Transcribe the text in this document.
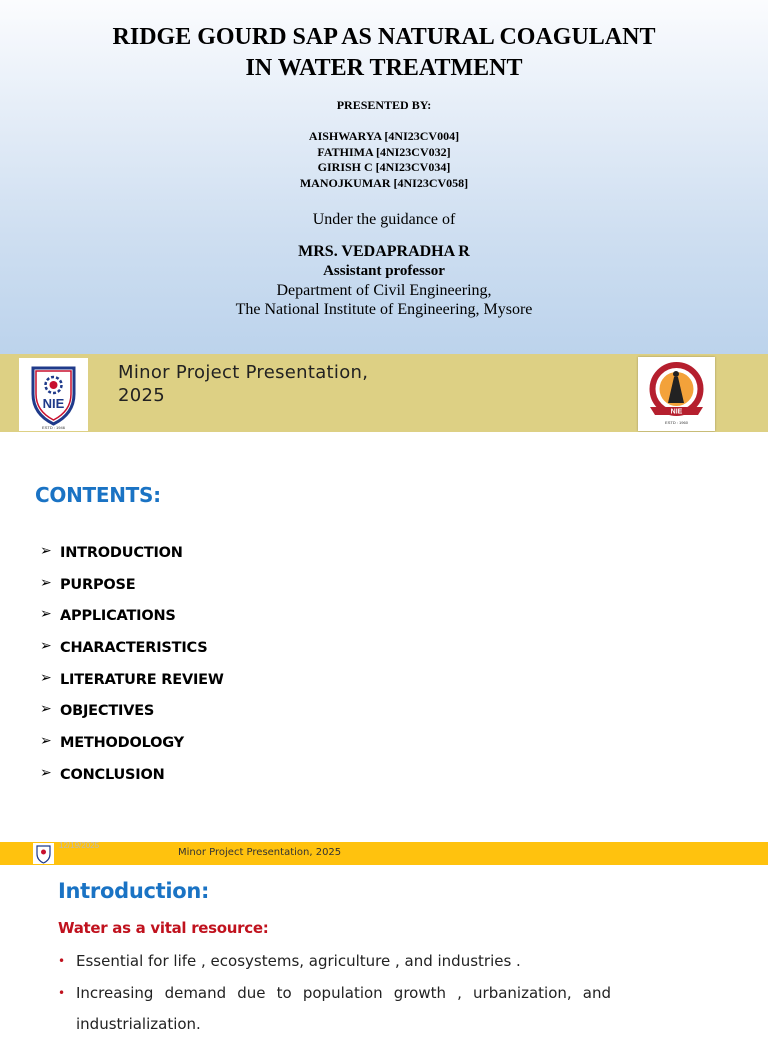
RIDGE GOURD SAP AS NATURAL COAGULANT
IN WATER TREATMENT
PRESENTED BY:
AISHWARYA [4NI23CV004]
FATHIMA [4NI23CV032]
GIRISH C [4NI23CV034]
MANOJKUMAR [4NI23CV058]
Under the guidance of
MRS. VEDAPRADHA R
Assistant professor
Department of Civil Engineering,
The National Institute of Engineering, Mysore
NIE
ESTD : 1946
Minor Project Presentation,
2025
NIE
ESTD : 1960
Department of Civil Engineering
CONTENTS:
➢ INTRODUCTION
➢ PURPOSE
➢ APPLICATIONS
➢ CHARACTERISTICS
➢ LITERATURE REVIEW
➢ OBJECTIVES
➢ METHODOLOGY
➢ CONCLUSION
12/19/2025
Minor Project Presentation, 2025
Introduction:
Water as a vital resource:
• Essential for life , ecosystems, agriculture , and industries .
• Increasing demand due to population growth , urbanization, and industrialization.
